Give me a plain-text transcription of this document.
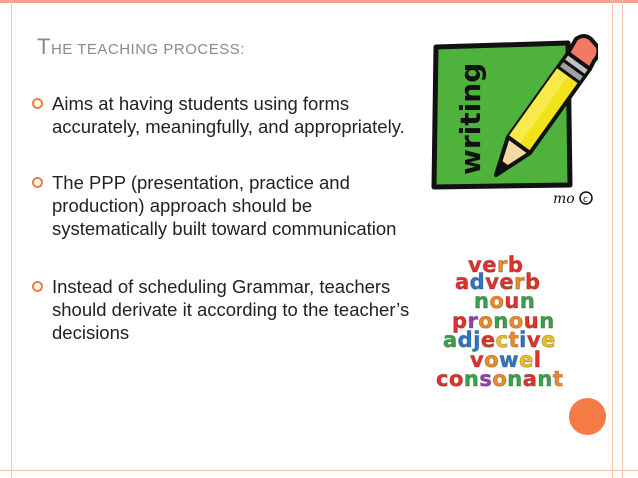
THE TEACHING PROCESS:
Aims at having students using forms accurately, meaningfully, and appropriately.
The PPP (presentation, practice and production) approach should be systematically built toward communication
Instead of scheduling Grammar, teachers should derivate it according to the teacher’s decisions
writing
mo c
verb
adverb
noun
pronoun
adjective
vowel
consonant
